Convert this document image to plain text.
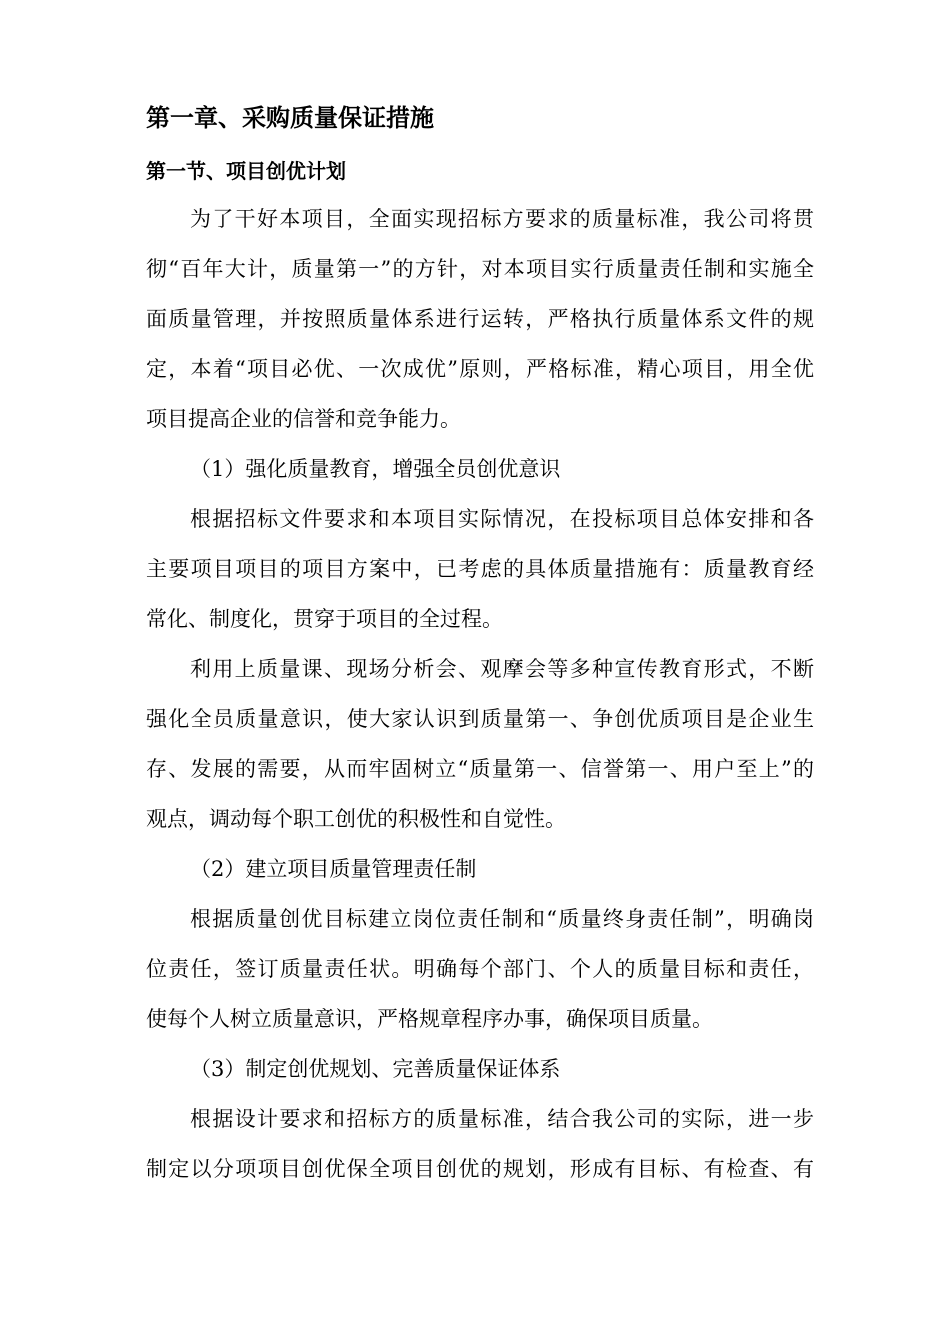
第一章、采购质量保证措施
第一节、项目创优计划
为了干好本项目，全面实现招标方要求的质量标准，我公司将贯
彻“百年大计，质量第一”的方针，对本项目实行质量责任制和实施全
面质量管理，并按照质量体系进行运转，严格执行质量体系文件的规
定，本着“项目必优、一次成优”原则，严格标准，精心项目，用全优
项目提高企业的信誉和竞争能力。
（1）强化质量教育，增强全员创优意识
根据招标文件要求和本项目实际情况，在投标项目总体安排和各
主要项目项目的项目方案中，已考虑的具体质量措施有：质量教育经
常化、制度化，贯穿于项目的全过程。
利用上质量课、现场分析会、观摩会等多种宣传教育形式，不断
强化全员质量意识，使大家认识到质量第一、争创优质项目是企业生
存、发展的需要，从而牢固树立“质量第一、信誉第一、用户至上”的
观点，调动每个职工创优的积极性和自觉性。
（2）建立项目质量管理责任制
根据质量创优目标建立岗位责任制和“质量终身责任制”，明确岗
位责任，签订质量责任状。明确每个部门、个人的质量目标和责任，
使每个人树立质量意识，严格规章程序办事，确保项目质量。
（3）制定创优规划、完善质量保证体系
根据设计要求和招标方的质量标准，结合我公司的实际，进一步
制定以分项项目创优保全项目创优的规划，形成有目标、有检查、有
